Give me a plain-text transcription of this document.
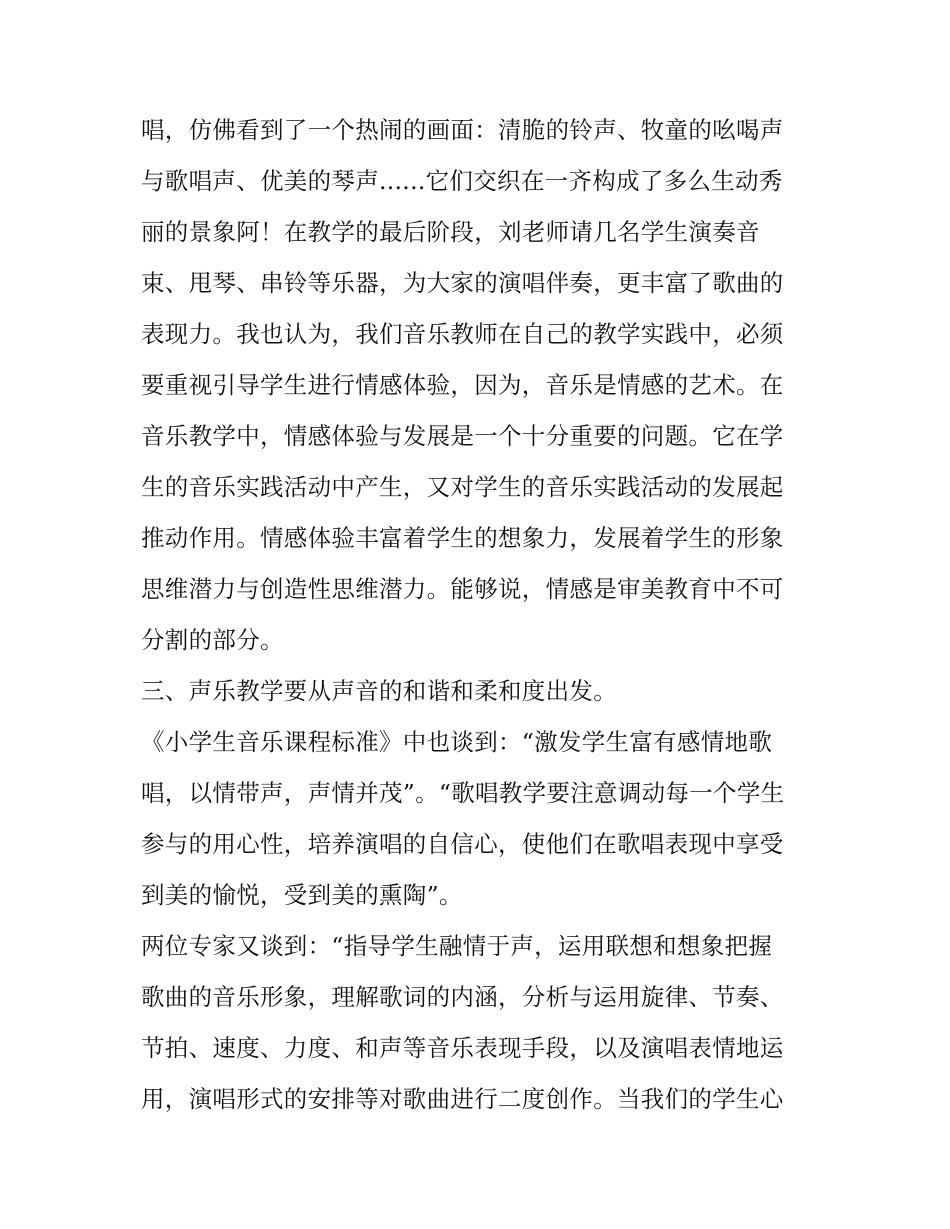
唱，仿佛看到了一个热闹的画面：清脆的铃声、牧童的吆喝声
与歌唱声、优美的琴声......它们交织在一齐构成了多么生动秀
丽的景象阿！在教学的最后阶段，刘老师请几名学生演奏音
束、甩琴、串铃等乐器，为大家的演唱伴奏，更丰富了歌曲的
表现力。我也认为，我们音乐教师在自己的教学实践中，必须
要重视引导学生进行情感体验，因为，音乐是情感的艺术。在
音乐教学中，情感体验与发展是一个十分重要的问题。它在学
生的音乐实践活动中产生，又对学生的音乐实践活动的发展起
推动作用。情感体验丰富着学生的想象力，发展着学生的形象
思维潜力与创造性思维潜力。能够说，情感是审美教育中不可
分割的部分。
三、声乐教学要从声音的和谐和柔和度出发。
《小学生音乐课程标准》中也谈到：“激发学生富有感情地歌
唱，以情带声，声情并茂”。“歌唱教学要注意调动每一个学生
参与的用心性，培养演唱的自信心，使他们在歌唱表现中享受
到美的愉悦，受到美的熏陶”。
两位专家又谈到：“指导学生融情于声，运用联想和想象把握
歌曲的音乐形象，理解歌词的内涵，分析与运用旋律、节奏、
节拍、速度、力度、和声等音乐表现手段，以及演唱表情地运
用，演唱形式的安排等对歌曲进行二度创作。当我们的学生心
